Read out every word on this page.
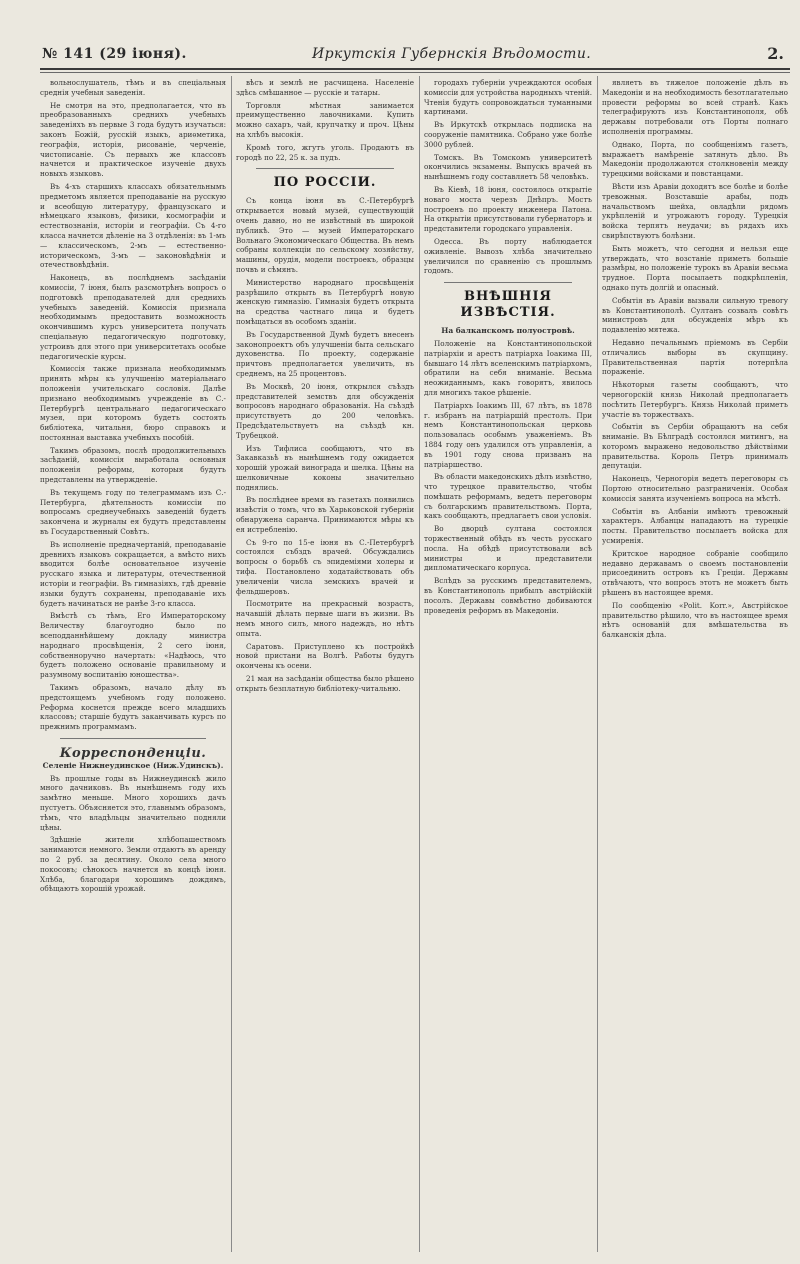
№ 141 (29 іюня).	Иркутскія Губернскія Вѣдомости.	2.

вольнослушатель, тѣмъ и въ спеціальныя среднія учебныя заведенія.

Не смотря на это, предполагается, что въ преобразованныхъ среднихъ учебныхъ заведеніяхъ въ первые 3 года будутъ изучаться: законъ Божій, русскій языкъ, ариѳметика, географія, исторія, рисованіе, черченіе, чистописаніе. Съ первыхъ же классовъ начнется и практическое изученіе двухъ новыхъ языковъ.

Въ 4-хъ старшихъ классахъ обязательнымъ предметомъ является преподаваніе на русскую и всеобщую литературу, французскаго и нѣмецкаго языковъ, физики, космографіи и естествознанія, исторіи и географіи. Съ 4-го класса начнется дѣленіе на 3 отдѣленія: въ 1-мъ — классическомъ, 2-мъ — естественно-историческомъ, 3-мъ — законовѣдѣнія и отечествовѣдѣнія.

Наконецъ, въ послѣднемъ засѣданіи комиссіи, 7 іюня, былъ разсмотрѣнъ вопросъ о подготовкѣ преподавателей для среднихъ учебныхъ заведеній. Комиссія признала необходимымъ предоставить возможность окончившимъ курсъ университета получать спеціальную педагогическую подготовку, устроивъ для этого при университетахъ особые педагогическіе курсы.

Комиссія также признала необходимымъ принять мѣры къ улучшенію матеріальнаго положенія учительскаго сословія. Далѣе признано необходимымъ учрежденіе въ С.-Петербургѣ центральнаго педагогическаго музея, при которомъ будетъ состоять библіотека, читальня, бюро справокъ и постоянная выставка учебныхъ пособій.

Такимъ образомъ, послѣ продолжительныхъ засѣданій, комиссія выработала основныя положенія реформы, которыя будутъ представлены на утвержденіе.

Въ текущемъ году по телеграммамъ изъ С.-Петербурга, дѣятельность комиссіи по вопросамъ среднеучебныхъ заведеній будетъ закончена и журналы ея будутъ представлены въ Государственный Совѣтъ.

Въ исполненіе предначертаній, преподаваніе древнихъ языковъ сокращается, а вмѣсто нихъ вводится болѣе основательное изученіе русскаго языка и литературы, отечественной исторіи и географіи. Въ гимназіяхъ, гдѣ древніе языки будутъ сохранены, преподаваніе ихъ будетъ начинаться не ранѣе 3-го класса.

Вмѣстѣ съ тѣмъ, Его Императорскому Величеству благоугодно было по всеподданнѣйшему докладу министра народнаго просвѣщенія, 2 сего іюня, собственноручно начертать: «Надѣюсь, что будетъ положено основаніе правильному и разумному воспитанію юношества».

Такимъ образомъ, начало дѣлу въ предстоящемъ учебномъ году положено. Реформа коснется прежде всего младшихъ классовъ; старшіе будутъ заканчивать курсъ по прежнимъ программамъ.

Корреспонденціи.
Селеніе Нижнеудинское (Ниж.Удинскъ).

Въ прошлые годы въ Нижнеудинскѣ жило много дачниковъ. Въ нынѣшнемъ году ихъ замѣтно меньше. Много хорошихъ дачъ пустуетъ. Объясняется это, главнымъ образомъ, тѣмъ, что владѣльцы значительно подняли цѣны.

Здѣшніе жители хлѣбопашествомъ занимаются немного. Земли отдаютъ въ аренду по 2 руб. за десятину. Около села много покосовъ; сѣнокосъ начнется въ концѣ іюня. Хлѣба, благодаря хорошимъ дождямъ, обѣщаютъ хорошій урожай.

вѣсъ и землѣ не расчищена. Населеніе здѣсь смѣшанное — русскіе и татары.

Торговля мѣстная занимается преимущественно лавочниками. Купить можно сахаръ, чай, крупчатку и проч. Цѣны на хлѣбъ высокія.

Кромѣ того, жгутъ уголь. Продаютъ въ городѣ по 22, 25 к. за пудъ.

ПО РОССІИ.

Съ конца іюня въ С.-Петербургѣ открывается новый музей, существующій очень давно, но не извѣстный въ широкой публикѣ. Это — музей Императорскаго Вольнаго Экономическаго Общества. Въ немъ собраны коллекціи по сельскому хозяйству, машины, орудія, модели построекъ, образцы почвъ и сѣмянъ.

Министерство народнаго просвѣщенія разрѣшило открыть въ Петербургѣ новую женскую гимназію. Гимназія будетъ открыта на средства частнаго лица и будетъ помѣщаться въ особомъ зданіи.

Въ Государственной Думѣ будетъ внесенъ законопроектъ объ улучшеніи быта сельскаго духовенства. По проекту, содержаніе причтовъ предполагается увеличить, въ среднемъ, на 25 процентовъ.

Въ Москвѣ, 20 іюня, открылся съѣздъ представителей земствъ для обсужденія вопросовъ народнаго образованія. На съѣздѣ присутствуетъ до 200 человѣкъ. Предсѣдательствуетъ на съѣздѣ кн. Трубецкой.

Изъ Тифлиса сообщаютъ, что въ Закавказьѣ въ нынѣшнемъ году ожидается хорошій урожай винограда и шелка. Цѣны на шелковичные коконы значительно поднялись.

Въ послѣднее время въ газетахъ появились извѣстія о томъ, что въ Харьковской губерніи обнаружена саранча. Принимаются мѣры къ ея истребленію.

Съ 9-го по 15-е іюня въ С.-Петербургѣ состоялся събздъ врачей. Обсуждались вопросы о борьбѣ съ эпидеміями холеры и тифа. Постановлено ходатайствовать объ увеличеніи числа земскихъ врачей и фельдшеровъ.

Посмотрите на прекрасный возрастъ, начавшій дѣлать первые шаги въ жизни. Въ немъ много силъ, много надеждъ, но нѣтъ опыта.

Саратовъ. Приступлено къ постройкѣ новой пристани на Волгѣ. Работы будутъ окончены къ осени.

21 мая на засѣданіи общества было рѣшено открыть безплатную библіотеку-читальню.

городахъ губерніи учреждаются особыя комиссіи для устройства народныхъ чтеній. Чтенія будутъ сопровождаться туманными картинами.

Въ Иркутскѣ открылась подписка на сооруженіе памятника. Собрано уже болѣе 3000 рублей.

Томскъ. Въ Томскомъ университетѣ окончились экзамены. Выпускъ врачей въ нынѣшнемъ году составляетъ 58 человѣкъ.

Въ Кіевѣ, 18 іюня, состоялось открытіе новаго моста черезъ Днѣпръ. Мостъ построенъ по проекту инженера Патона. На открытіи присутствовали губернаторъ и представители городскаго управленія.

Одесса. Въ порту наблюдается оживленіе. Вывозъ хлѣба значительно увеличился по сравненію съ прошлымъ годомъ.

ВНѢШНІЯ ИЗВѢСТІЯ.
На балканскомъ полуостровѣ.

Положеніе на Константинопольской патріархіи и арестъ патріарха Іоакима ІІІ, бывшаго 14 лѣтъ вселенскимъ патріархомъ, обратили на себя вниманіе. Весьма неожиданнымъ, какъ говорятъ, явилось для многихъ такое рѣшеніе.

Патріархъ Іоакимъ ІІІ, 67 лѣтъ, въ 1878 г. избранъ на патріаршій престолъ. При немъ Константинопольская церковь пользовалась особымъ уваженіемъ. Въ 1884 году онъ удалился отъ управленія, а въ 1901 году снова призванъ на патріаршество.

Въ области македонскихъ дѣлъ извѣстно, что турецкое правительство, чтобы помѣшать реформамъ, ведетъ переговоры съ болгарскимъ правительствомъ. Порта, какъ сообщаютъ, предлагаетъ свои условія.

Во дворцѣ султана состоялся торжественный обѣдъ въ честь русскаго посла. На обѣдѣ присутствовали всѣ министры и представители дипломатическаго корпуса.

Вслѣдъ за русскимъ представителемъ, въ Константинополь прибылъ австрійскій посолъ. Державы совмѣстно добиваются проведенія реформъ въ Македоніи.

являетъ въ тяжелое положеніе дѣлъ въ Македоніи и на необходимость безотлагательно провести реформы во всей странѣ. Какъ телеграфируютъ изъ Константинополя, обѣ державы потребовали отъ Порты полнаго исполненія программы.

Однако, Порта, по сообщеніямъ газетъ, выражаетъ намѣреніе затянуть дѣло. Въ Македоніи продолжаются столкновенія между турецкими войсками и повстанцами.

Вѣсти изъ Аравіи доходятъ все болѣе и болѣе тревожныя. Возставшіе арабы, подъ начальствомъ шейха, овладѣли рядомъ укрѣпленій и угрожаютъ городу. Турецкія войска терпятъ неудачи; въ рядахъ ихъ свирѣпствуютъ болѣзни.

Быть можетъ, что сегодня и нельзя еще утверждать, что возстаніе приметъ большіе размѣры, но положеніе турокъ въ Аравіи весьма трудное. Порта посылаетъ подкрѣпленія, однако путь долгій и опасный.

Событія въ Аравіи вызвали сильную тревогу въ Константинополѣ. Султанъ созвалъ совѣтъ министровъ для обсужденія мѣръ къ подавленію мятежа.

Недавно печальнымъ пріемомъ въ Сербіи отличались выборы въ скупщину. Правительственная партія потерпѣла пораженіе.

Нѣкоторыя газеты сообщаютъ, что черногорскій князь Николай предполагаетъ посѣтить Петербургъ. Князь Николай приметъ участіе въ торжествахъ.

Событія въ Сербіи обращаютъ на себя вниманіе. Въ Бѣлградѣ состоялся митингъ, на которомъ выражено недовольство дѣйствіями правительства. Король Петръ принималъ депутаціи.

Наконецъ, Черногорія ведетъ переговоры съ Портою относительно разграниченія. Особая комиссія занята изученіемъ вопроса на мѣстѣ.

Событія въ Албаніи имѣютъ тревожный характеръ. Албанцы нападаютъ на турецкіе посты. Правительство посылаетъ войска для усмиренія.

Критское народное собраніе сообщило недавно державамъ о своемъ постановленіи присоединить островъ къ Греціи. Державы отвѣчаютъ, что вопросъ этотъ не можетъ быть рѣшенъ въ настоящее время.

По сообщенію «Polit. Korr.», Австрійское правительство рѣшило, что въ настоящее время нѣтъ основаній для вмѣшательства въ балканскія дѣла.
